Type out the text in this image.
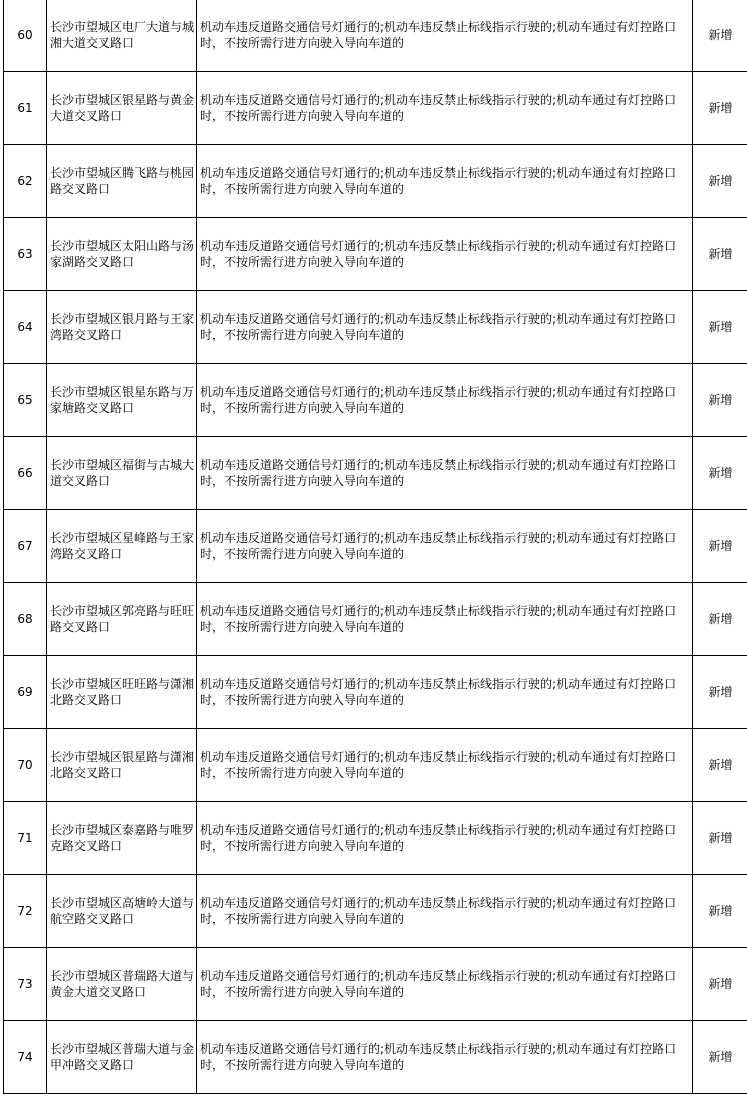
60	长沙市望城区电厂大道与城湘大道交叉路口	机动车违反道路交通信号灯通行的;机动车违反禁止标线指示行驶的;机动车通过有灯控路口时，不按所需行进方向驶入导向车道的	新增

61	长沙市望城区银星路与黄金大道交叉路口	机动车违反道路交通信号灯通行的;机动车违反禁止标线指示行驶的;机动车通过有灯控路口时，不按所需行进方向驶入导向车道的	新增

62	长沙市望城区腾飞路与桃园路交叉路口	机动车违反道路交通信号灯通行的;机动车违反禁止标线指示行驶的;机动车通过有灯控路口时，不按所需行进方向驶入导向车道的	新增

63	长沙市望城区太阳山路与汤家湖路交叉路口	机动车违反道路交通信号灯通行的;机动车违反禁止标线指示行驶的;机动车通过有灯控路口时，不按所需行进方向驶入导向车道的	新增

64	长沙市望城区银月路与王家湾路交叉路口	机动车违反道路交通信号灯通行的;机动车违反禁止标线指示行驶的;机动车通过有灯控路口时，不按所需行进方向驶入导向车道的	新增

65	长沙市望城区银星东路与万家塘路交叉路口	机动车违反道路交通信号灯通行的;机动车违反禁止标线指示行驶的;机动车通过有灯控路口时，不按所需行进方向驶入导向车道的	新增

66	长沙市望城区福街与古城大道交叉路口	机动车违反道路交通信号灯通行的;机动车违反禁止标线指示行驶的;机动车通过有灯控路口时，不按所需行进方向驶入导向车道的	新增

67	长沙市望城区星峰路与王家湾路交叉路口	机动车违反道路交通信号灯通行的;机动车违反禁止标线指示行驶的;机动车通过有灯控路口时，不按所需行进方向驶入导向车道的	新增

68	长沙市望城区郭亮路与旺旺路交叉路口	机动车违反道路交通信号灯通行的;机动车违反禁止标线指示行驶的;机动车通过有灯控路口时，不按所需行进方向驶入导向车道的	新增

69	长沙市望城区旺旺路与潇湘北路交叉路口	机动车违反道路交通信号灯通行的;机动车违反禁止标线指示行驶的;机动车通过有灯控路口时，不按所需行进方向驶入导向车道的	新增

70	长沙市望城区银星路与潇湘北路交叉路口	机动车违反道路交通信号灯通行的;机动车违反禁止标线指示行驶的;机动车通过有灯控路口时，不按所需行进方向驶入导向车道的	新增

71	长沙市望城区泰嘉路与唯罗克路交叉路口	机动车违反道路交通信号灯通行的;机动车违反禁止标线指示行驶的;机动车通过有灯控路口时，不按所需行进方向驶入导向车道的	新增

72	长沙市望城区高塘岭大道与航空路交叉路口	机动车违反道路交通信号灯通行的;机动车违反禁止标线指示行驶的;机动车通过有灯控路口时，不按所需行进方向驶入导向车道的	新增

73	长沙市望城区普瑞路大道与黄金大道交叉路口	机动车违反道路交通信号灯通行的;机动车违反禁止标线指示行驶的;机动车通过有灯控路口时，不按所需行进方向驶入导向车道的	新增

74	长沙市望城区普瑞大道与金甲冲路交叉路口	机动车违反道路交通信号灯通行的;机动车违反禁止标线指示行驶的;机动车通过有灯控路口时，不按所需行进方向驶入导向车道的	新增
